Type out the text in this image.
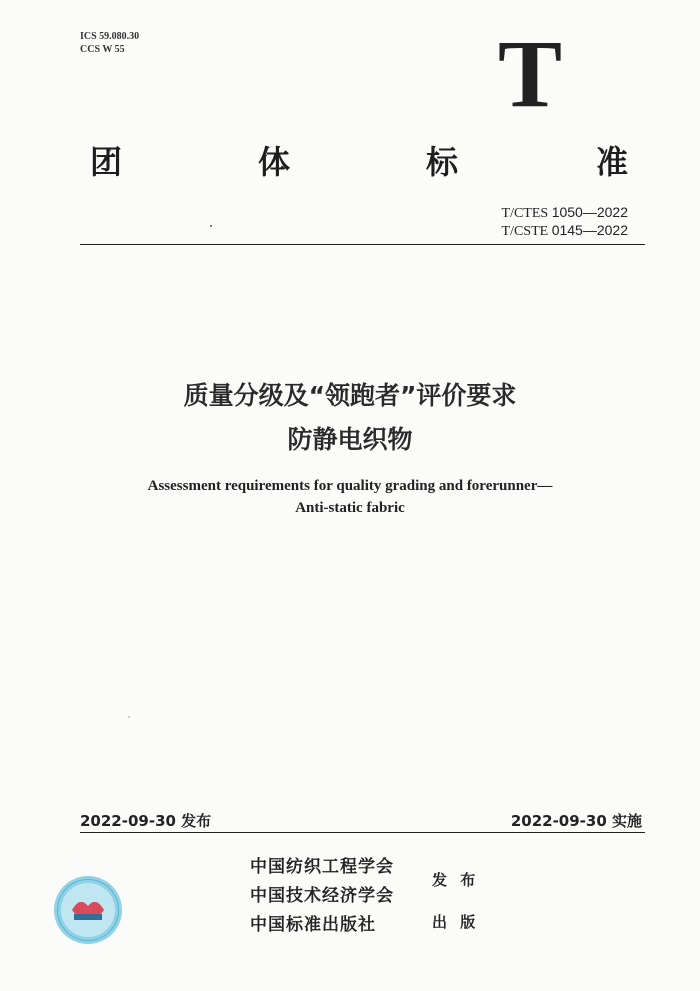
ICS 59.080.30
CCS W 55	T
团	体	标	准
T/CTES 1050—2022
T/CSTE 0145—2022
质量分级及“领跑者”评价要求
防静电织物
Assessment requirements for quality grading and forerunner—
Anti-static fabric
2022-09-30 发布	2022-09-30 实施
中国纺织工程学会
中国技术经济学会
中国标准出版社
发 布
出 版
